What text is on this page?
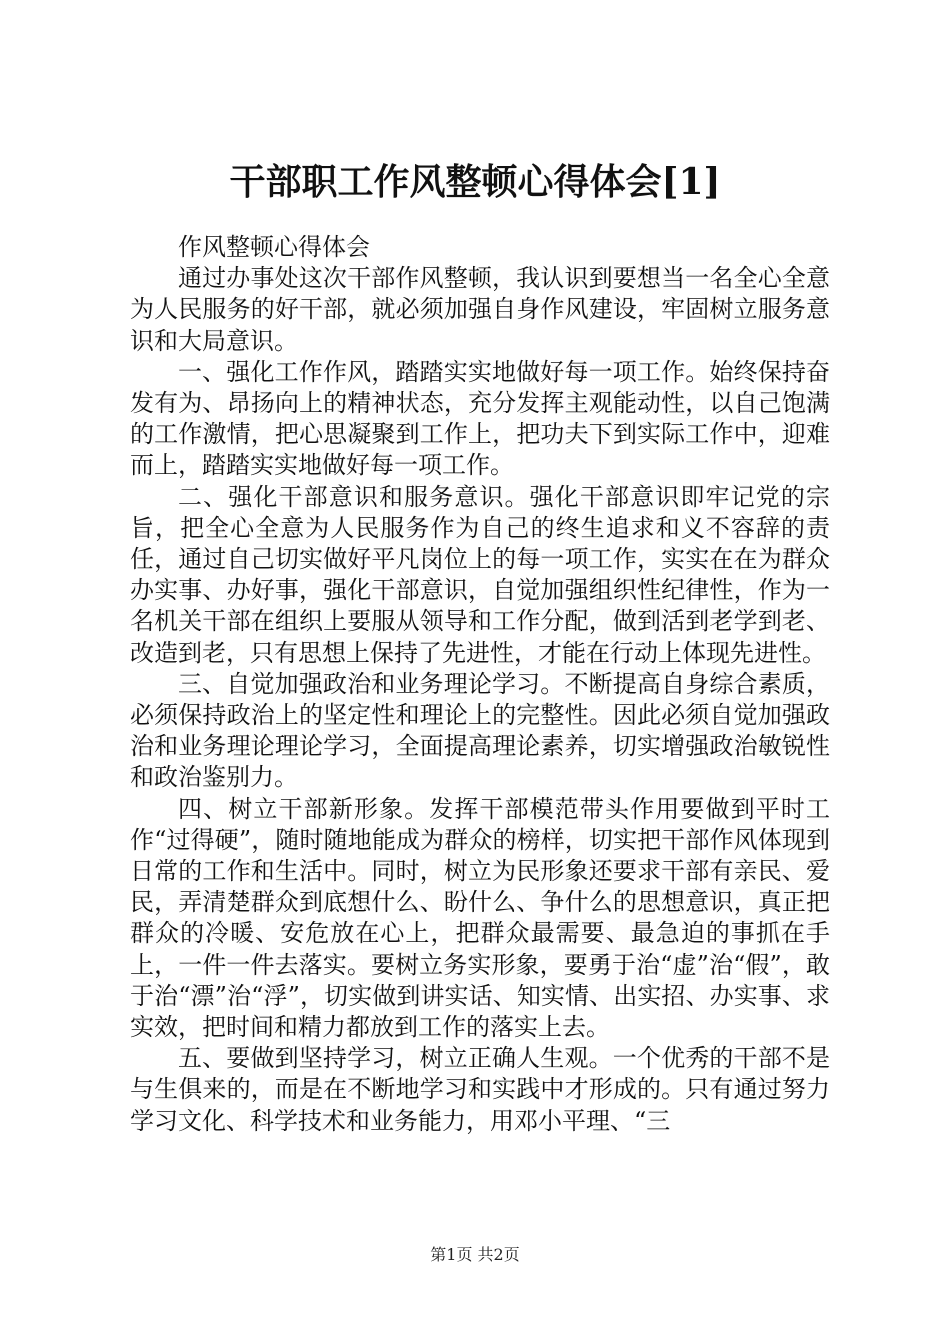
干部职工作风整顿心得体会[1]

作风整顿心得体会

通过办事处这次干部作风整顿，我认识到要想当一名全心全意为人民服务的好干部，就必须加强自身作风建设，牢固树立服务意识和大局意识。

一、强化工作作风，踏踏实实地做好每一项工作。始终保持奋发有为、昂扬向上的精神状态，充分发挥主观能动性，以自己饱满的工作激情，把心思凝聚到工作上，把功夫下到实际工作中，迎难而上，踏踏实实地做好每一项工作。

二、强化干部意识和服务意识。强化干部意识即牢记党的宗旨，把全心全意为人民服务作为自己的终生追求和义不容辞的责任，通过自己切实做好平凡岗位上的每一项工作，实实在在为群众办实事、办好事，强化干部意识，自觉加强组织性纪律性，作为一名机关干部在组织上要服从领导和工作分配，做到活到老学到老、改造到老，只有思想上保持了先进性，才能在行动上体现先进性。

三、自觉加强政治和业务理论学习。不断提高自身综合素质，必须保持政治上的坚定性和理论上的完整性。因此必须自觉加强政治和业务理论理论学习，全面提高理论素养，切实增强政治敏锐性和政治鉴别力。

四、树立干部新形象。发挥干部模范带头作用要做到平时工作“过得硬”，随时随地能成为群众的榜样，切实把干部作风体现到日常的工作和生活中。同时，树立为民形象还要求干部有亲民、爱民，弄清楚群众到底想什么、盼什么、争什么的思想意识，真正把群众的冷暖、安危放在心上，把群众最需要、最急迫的事抓在手上，一件一件去落实。要树立务实形象，要勇于治“虚”治“假”，敢于治“漂”治“浮”，切实做到讲实话、知实情、出实招、办实事、求实效，把时间和精力都放到工作的落实上去。

五、要做到坚持学习，树立正确人生观。一个优秀的干部不是与生俱来的，而是在不断地学习和实践中才形成的。只有通过努力学习文化、科学技术和业务能力，用邓小平理、“三

第1页 共2页
